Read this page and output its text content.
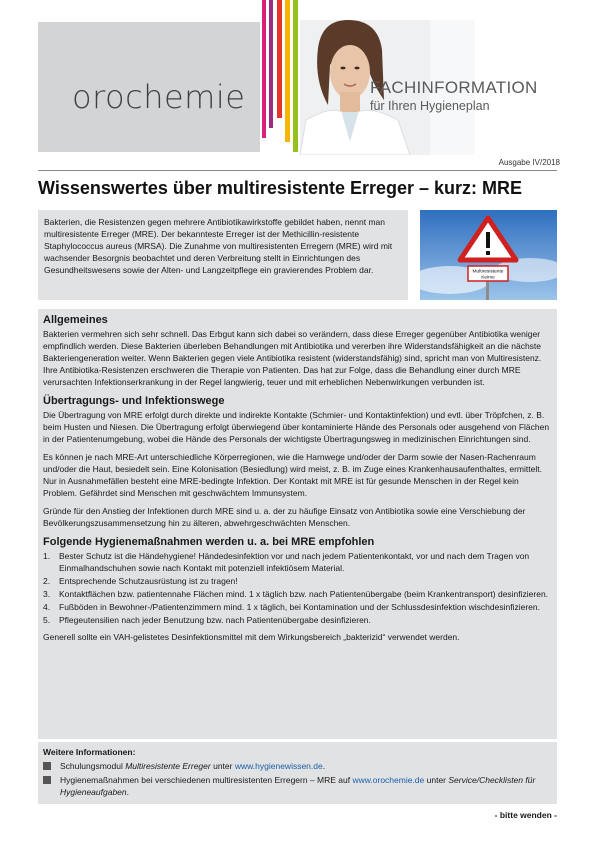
orochemie	FACHINFORMATION
für Ihren Hygieneplan
Ausgabe IV/2018
Wissenswertes über multiresistente Erreger – kurz: MRE
Bakterien, die Resistenzen gegen mehrere Antibiotikawirkstoffe gebildet haben, nennt man multiresistente Erreger (MRE). Der bekannteste Erreger ist der Methicillin-resistente Staphylococcus aureus (MRSA). Die Zunahme von multiresistenten Erregern (MRE) wird mit wachsender Besorgnis beobachtet und deren Verbreitung stellt in Einrichtungen des Gesundheitswesens sowie der Alten- und Langzeitpflege ein gravierendes Problem dar.	Multiresistente
Keime
Allgemeines

Bakterien vermehren sich sehr schnell. Das Erbgut kann sich dabei so verändern, dass diese Erreger gegenüber Antibiotika weniger empfindlich werden. Diese Bakterien überleben Behandlungen mit Antibiotika und vererben ihre Widerstandsfähigkeit an die nächste Bakteriengeneration weiter. Wenn Bakterien gegen viele Antibiotika resistent (widerstandsfähig) sind, spricht man von Multiresistenz. Ihre Antibiotika-Resistenzen erschweren die Therapie von Patienten. Das hat zur Folge, dass die Behandlung einer durch MRE verursachten Infektionserkrankung in der Regel langwierig, teuer und mit erheblichen Nebenwirkungen verbunden ist.

Übertragungs- und Infektionswege

Die Übertragung von MRE erfolgt durch direkte und indirekte Kontakte (Schmier- und Kontaktinfektion) und evtl. über Tröpfchen, z. B. beim Husten und Niesen. Die Übertragung erfolgt überwiegend über kontaminierte Hände des Personals oder ausgehend von Flächen in der Patientenumgebung, wobei die Hände des Personals der wichtigste Übertragungsweg in medizinischen Einrichtungen sind.

Es können je nach MRE-Art unterschiedliche Körperregionen, wie die Harnwege und/oder der Darm sowie der Nasen-Rachenraum und/oder die Haut, besiedelt sein. Eine Kolonisation (Besiedlung) wird meist, z. B. im Zuge eines Krankenhausaufenthaltes, ermittelt. Nur in Ausnahmefällen besteht eine MRE-bedingte Infektion. Der Kontakt mit MRE ist für gesunde Menschen in der Regel kein Problem. Gefährdet sind Menschen mit geschwächtem Immunsystem.

Gründe für den Anstieg der Infektionen durch MRE sind u. a. der zu häufige Einsatz von Antibiotika sowie eine Verschiebung der Bevölkerungszusammensetzung hin zu älteren, abwehrgeschwächten Menschen.

Folgende Hygienemaßnahmen werden u. a. bei MRE empfohlen
1. Bester Schutz ist die Händehygiene! Händedesinfektion vor und nach jedem Patientenkontakt, vor und nach dem Tragen von Einmalhandschuhen sowie nach Kontakt mit potenziell infektiösem Material.
2. Entsprechende Schutzausrüstung ist zu tragen!
3. Kontaktflächen bzw. patientennahe Flächen mind. 1 x täglich bzw. nach Patientenübergabe (beim Krankentransport) desinfizieren.
4. Fußböden in Bewohner-/Patientenzimmern mind. 1 x täglich, bei Kontamination und der Schlussdesinfektion wischdesinfizieren.
5. Pflegeutensilien nach jeder Benutzung bzw. nach Patientenübergabe desinfizieren.

Generell sollte ein VAH-gelistetes Desinfektionsmittel mit dem Wirkungsbereich „bakterizid“ verwendet werden.

Weitere Informationen:
Schulungsmodul Multiresistente Erreger unter www.hygienewissen.de.
Hygienemaßnahmen bei verschiedenen multiresistenten Erregern – MRE auf www.orochemie.de unter Service/Checklisten für Hygieneaufgaben.
- bitte wenden -
